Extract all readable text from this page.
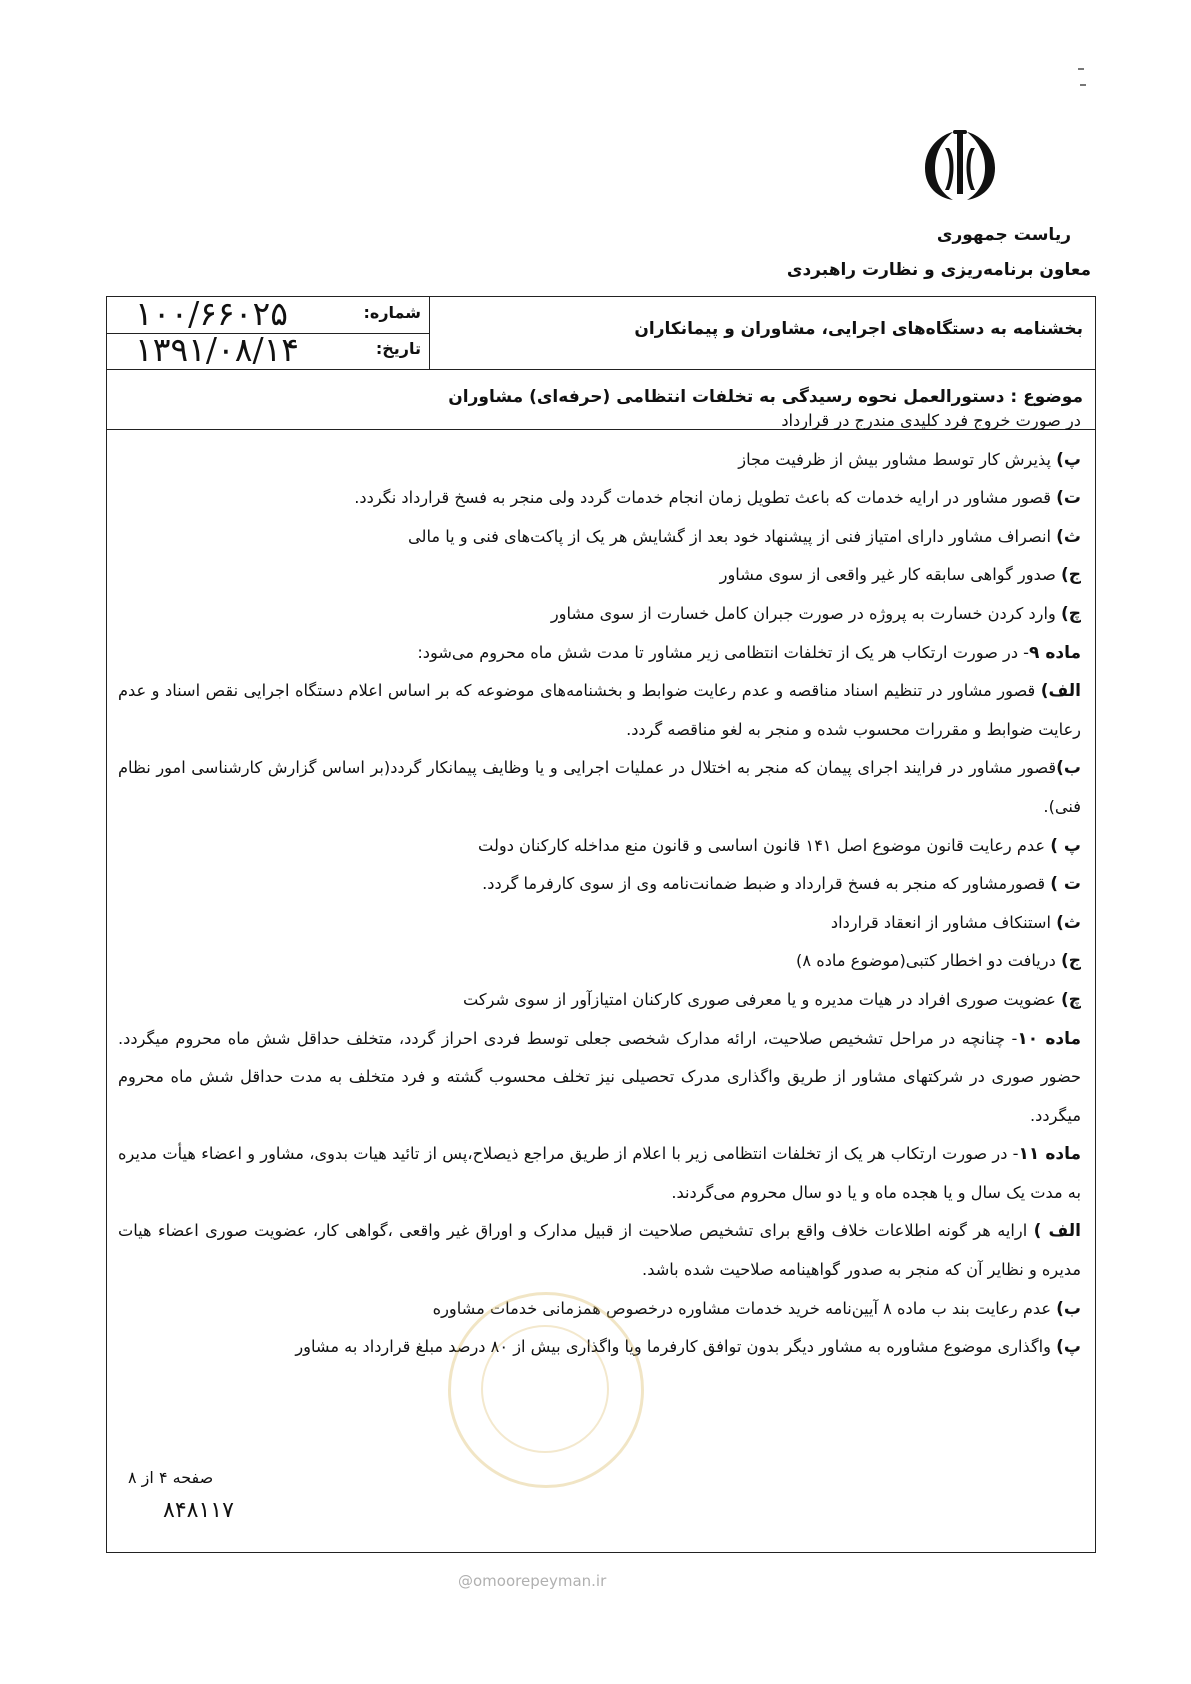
ریاست جمهوری
معاون برنامه‌ریزی و نظارت راهبردی
شماره:
۱۰۰/۶۶۰۲۵
تاریخ:
۱۳۹۱/۰۸/۱۴
بخشنامه به دستگاه‌های اجرایی، مشاوران و پیمانکاران
موضوع : دستورالعمل نحوه رسیدگی به تخلفات انتظامی (حرفه‌ای) مشاوران

در صورت خروج فرد کلیدی مندرج در قرارداد

پ) پذیرش کار توسط مشاور بیش از ظرفیت مجاز

ت) قصور مشاور در ارایه خدمات که باعث تطویل زمان انجام خدمات گردد ولی منجر به فسخ قرارداد نگردد.

ث) انصراف مشاور دارای امتیاز فنی از پیشنهاد خود بعد از گشایش هر یک از پاکت‌های فنی و یا مالی

ج) صدور گواهی سابقه کار غیر واقعی از سوی مشاور

چ) وارد کردن خسارت به پروژه در صورت جبران کامل خسارت از سوی مشاور

ماده ۹- در صورت ارتکاب هر یک از تخلفات انتظامی زیر مشاور تا مدت شش ماه محروم می‌شود:

الف) قصور مشاور در تنظیم اسناد مناقصه و عدم رعایت ضوابط و بخشنامه‌های موضوعه که بر اساس اعلام دستگاه اجرایی نقص اسناد و عدم رعایت ضوابط و مقررات محسوب شده و منجر به لغو مناقصه گردد.

ب)قصور مشاور در فرایند اجرای پیمان که منجر به اختلال در عملیات اجرایی و یا وظایف پیمانکار گردد(بر اساس گزارش کارشناسی امور نظام فنی).

پ ) عدم رعایت قانون موضوع اصل ۱۴۱ قانون اساسی و قانون منع مداخله کارکنان دولت

ت ) قصورمشاور که منجر به فسخ قرارداد و ضبط ضمانت‌نامه وی از سوی کارفرما گردد.

ث) استنکاف مشاور از انعقاد قرارداد

ج) دریافت دو اخطار کتبی(موضوع ماده ۸)

چ) عضویت صوری افراد در هیات مدیره و یا معرفی صوری کارکنان امتیازآور از سوی شرکت

ماده ۱۰- چنانچه در مراحل تشخیص صلاحیت، ارائه مدارک شخصی جعلی توسط فردی احراز گردد، متخلف حداقل شش ماه محروم میگردد. حضور صوری در شرکتهای مشاور از طریق واگذاری مدرک تحصیلی نیز تخلف محسوب گشته و فرد متخلف به مدت حداقل شش ماه محروم میگردد.

ماده ۱۱- در صورت ارتکاب هر یک از تخلفات انتظامی زیر با اعلام از طریق مراجع ذیصلاح،پس از تائید هیات بدوی، مشاور و اعضاء هیأت مدیره به مدت یک سال و یا هجده ماه و یا دو سال محروم می‌گردند.

الف ) ارایه هر گونه اطلاعات خلاف واقع برای تشخیص صلاحیت از قبیل مدارک و اوراق غیر واقعی ،گواهی کار، عضویت صوری اعضاء هیات مدیره و نظایر آن که منجر به صدور گواهینامه صلاحیت شده باشد.

ب) عدم رعایت بند ب ماده ۸ آیین‌نامه خرید خدمات مشاوره درخصوص همزمانی خدمات مشاوره

پ) واگذاری موضوع مشاوره به مشاور دیگر بدون توافق کارفرما ویا واگذاری بیش از ۸۰ درصد مبلغ قرارداد به مشاور

صفحه ۴ از ۸
۸۴۸۱۱۷
@omoorepeyman.ir
